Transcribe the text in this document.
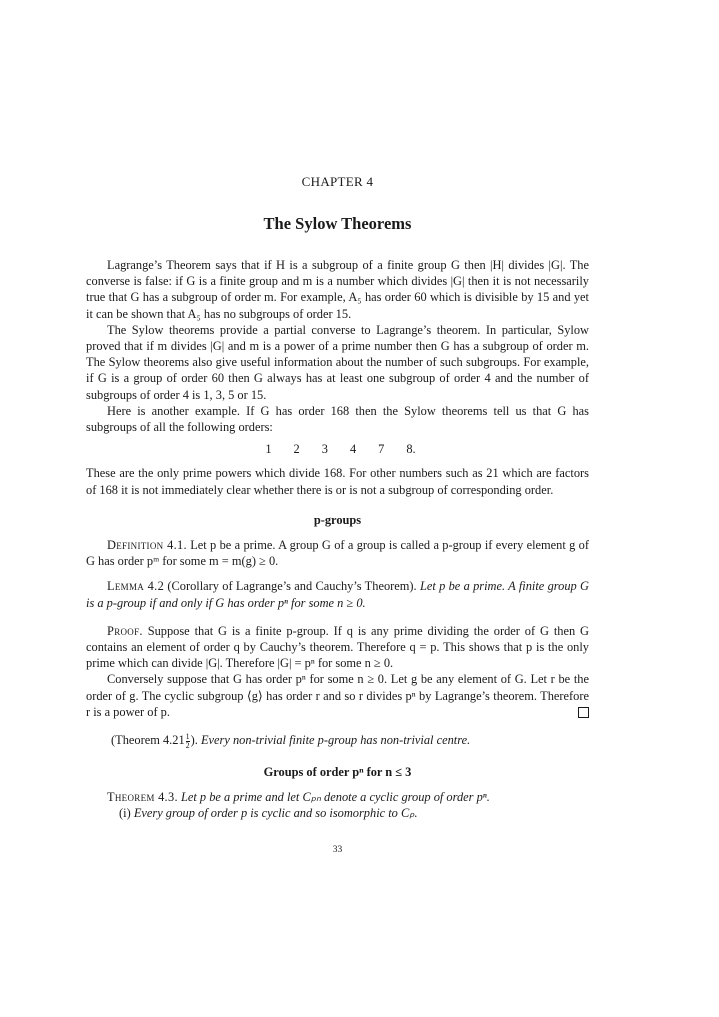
CHAPTER 4
The Sylow Theorems

Lagrange’s Theorem says that if H is a subgroup of a finite group G then |H| divides |G|. The converse is false: if G is a finite group and m is a number which divides |G| then it is not necessarily true that G has a subgroup of order m. For example, A₅ has order 60 which is divisible by 15 and yet it can be shown that A₅ has no subgroups of order 15.

The Sylow theorems provide a partial converse to Lagrange’s theorem. In particular, Sylow proved that if m divides |G| and m is a power of a prime number then G has a subgroup of order m. The Sylow theorems also give useful information about the number of such subgroups. For example, if G is a group of order 60 then G always has at least one subgroup of order 4 and the number of subgroups of order 4 is 1, 3, 5 or 15.

Here is another example. If G has order 168 then the Sylow theorems tell us that G has subgroups of all the following orders:

1 2 3 4 7 8.

These are the only prime powers which divide 168. For other numbers such as 21 which are factors of 168 it is not immediately clear whether there is or is not a subgroup of corresponding order.

p-groups

Definition 4.1. Let p be a prime. A group G of a group is called a p-group if every element g of G has order pᵐ for some m = m(g) ≥ 0.

Lemma 4.2 (Corollary of Lagrange’s and Cauchy’s Theorem). Let p be a prime. A finite group G is a p-group if and only if G has order pⁿ for some n ≥ 0.

Proof. Suppose that G is a finite p-group. If q is any prime dividing the order of G then G contains an element of order q by Cauchy’s theorem. Therefore q = p. This shows that p is the only prime which can divide |G|. Therefore |G| = pⁿ for some n ≥ 0.

Conversely suppose that G has order pⁿ for some n ≥ 0. Let g be any element of G. Let r be the order of g. The cyclic subgroup ⟨g⟩ has order r and so r divides pⁿ by Lagrange’s theorem. Therefore r is a power of p.

(Theorem $4.21 \frac{1}{2}$ ). Every non-trivial finite p-group has non-trivial centre.

Groups of order pⁿ for n ≤ 3

Theorem 4.3. Let p be a prime and let Cₚₙ denote a cyclic group of order pⁿ.

(i) Every group of order p is cyclic and so isomorphic to Cₚ.

33
